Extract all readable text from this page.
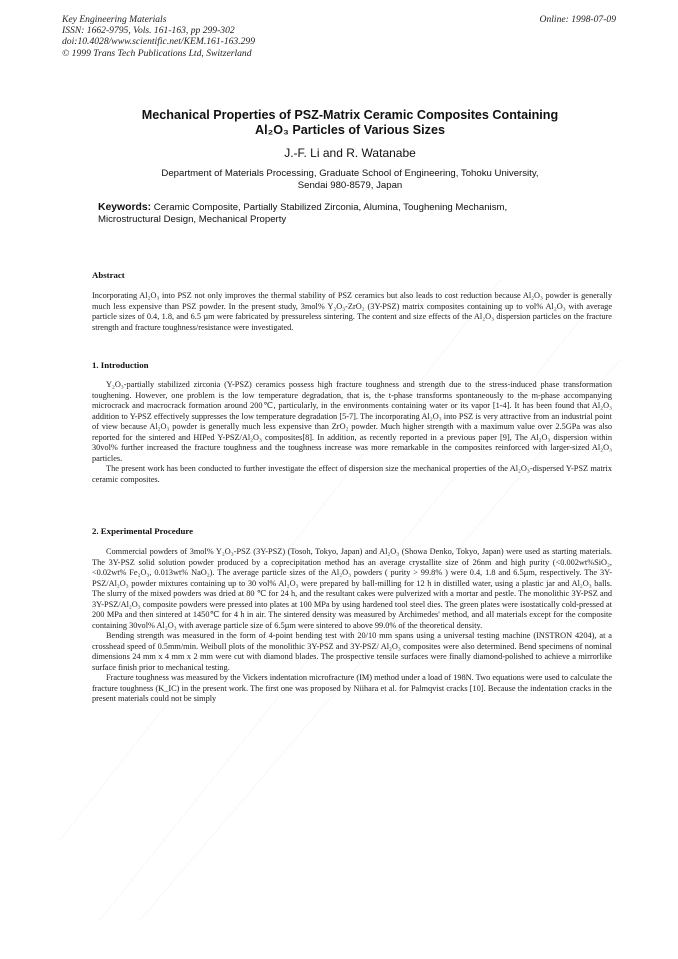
Key Engineering Materials
ISSN: 1662-9795, Vols. 161-163, pp 299-302
doi:10.4028/www.scientific.net/KEM.161-163.299
© 1999 Trans Tech Publications Ltd, Switzerland
Online: 1998-07-09
Mechanical Properties of PSZ-Matrix Ceramic Composites Containing
Al₂O₃ Particles of Various Sizes
J.-F. Li and R. Watanabe
Department of Materials Processing, Graduate School of Engineering, Tohoku University,
Sendai 980-8579, Japan
Keywords: Ceramic Composite, Partially Stabilized Zirconia, Alumina, Toughening Mechanism, Microstructural Design, Mechanical Property
Abstract

Incorporating Al₂O₃ into PSZ not only improves the thermal stability of PSZ ceramics but also leads to cost reduction because Al₂O₃ powder is generally much less expensive than PSZ powder. In the present study, 3mol% Y₂O₃-ZrO₂ (3Y-PSZ) matrix composites containing up to vol% Al₂O₃ with average particle sizes of 0.4, 1.8, and 6.5 µm were fabricated by pressureless sintering. The content and size effects of the Al₂O₃ dispersion particles on the fracture strength and fracture toughness/resistance were investigated.

1. Introduction

Y₂O₃-partially stabilized zirconia (Y-PSZ) ceramics possess high fracture toughness and strength due to the stress-induced phase transformation toughening. However, one problem is the low temperature degradation, that is, the t-phase transforms spontaneously to the m-phase accompanying microcrack and macrocrack formation around 200℃, particularly, in the environments containing water or its vapor [1-4]. It has been found that Al₂O₃ addition to Y-PSZ effectively suppresses the low temperature degradation [5-7]. The incorporating Al₂O₃ into PSZ is very attractive from an industrial point of view because Al₂O₃ powder is generally much less expensive than ZrO₂ powder. Much higher strength with a maximum value over 2.5GPa was also reported for the sintered and HIPed Y-PSZ/Al₂O₃ composites[8]. In addition, as recently reported in a previous paper [9], The Al₂O₃ dispersion within 30vol% further increased the fracture toughness and the toughness increase was more remarkable in the composites reinforced with larger-sized Al₂O₃ particles.

The present work has been conducted to further investigate the effect of dispersion size the mechanical properties of the Al₂O₃-dispersed Y-PSZ matrix ceramic composites.

2. Experimental Procedure

Commercial powders of 3mol% Y₂O₃-PSZ (3Y-PSZ) (Tosoh, Tokyo, Japan) and Al₂O₃ (Showa Denko, Tokyo, Japan) were used as starting materials. The 3Y-PSZ solid solution powder produced by a coprecipitation method has an average crystallite size of 26nm and high purity (<0.002wt%SiO₂, <0.02wt% Fe₂O₃, 0.013wt% NaO₂). The average particle sizes of the Al₂O₃ powders ( purity > 99.8% ) were 0.4, 1.8 and 6.5µm, respectively. The 3Y-PSZ/Al₂O₃ powder mixtures containing up to 30 vol% Al₂O₃ were prepared by ball-milling for 12 h in distilled water, using a plastic jar and Al₂O₃ balls. The slurry of the mixed powders was dried at 80 ℃ for 24 h, and the resultant cakes were pulverized with a mortar and pestle. The monolithic 3Y-PSZ and 3Y-PSZ/Al₂O₃ composite powders were pressed into plates at 100 MPa by using hardened tool steel dies. The green plates were isostatically cold-pressed at 200 MPa and then sintered at 1450℃ for 4 h in air. The sintered density was measured by Archimedes' method, and all materials except for the composite containing 30vol% Al₂O₃ with average particle size of 6.5µm were sintered to above 99.0% of the theoretical density.

Bending strength was measured in the form of 4-point bending test with 20/10 mm spans using a universal testing machine (INSTRON 4204), at a crosshead speed of 0.5mm/min. Weibull plots of the monolithic 3Y-PSZ and 3Y-PSZ/ Al₂O₃ composites were also determined. Bend specimens of nominal dimensions 24 mm x 4 mm x 2 mm were cut with diamond blades. The prospective tensile surfaces were finally diamond-polished to achieve a mirrorlike surface finish prior to mechanical testing.

Fracture toughness was measured by the Vickers indentation microfracture (IM) method under a load of 198N. Two equations were used to calculate the fracture toughness (K_IC) in the present work. The first one was proposed by Niihara et al. for Palmqvist cracks [10]. Because the indentation cracks in the present materials could not be simply
